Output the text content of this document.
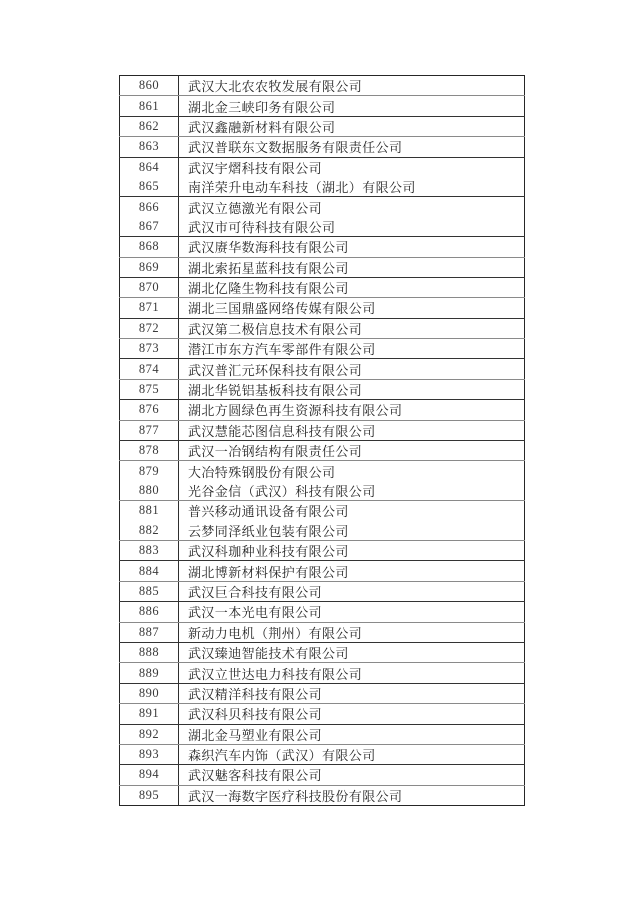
860	武汉大北农农牧发展有限公司
861	湖北金三峡印务有限公司
862	武汉鑫融新材料有限公司
863	武汉普联东文数据服务有限责任公司
864	武汉宇熠科技有限公司
865	南洋荣升电动车科技（湖北）有限公司
866	武汉立德激光有限公司
867	武汉市可待科技有限公司
868	武汉赓华数海科技有限公司
869	湖北索拓星蓝科技有限公司
870	湖北亿隆生物科技有限公司
871	湖北三国鼎盛网络传媒有限公司
872	武汉第二极信息技术有限公司
873	潜江市东方汽车零部件有限公司
874	武汉普汇元环保科技有限公司
875	湖北华锐铝基板科技有限公司
876	湖北方圆绿色再生资源科技有限公司
877	武汉慧能芯图信息科技有限公司
878	武汉一冶钢结构有限责任公司
879	大冶特殊钢股份有限公司
880	光谷金信（武汉）科技有限公司
881	普兴移动通讯设备有限公司
882	云梦同泽纸业包装有限公司
883	武汉科珈种业科技有限公司
884	湖北博新材料保护有限公司
885	武汉巨合科技有限公司
886	武汉一本光电有限公司
887	新动力电机（荆州）有限公司
888	武汉臻迪智能技术有限公司
889	武汉立世达电力科技有限公司
890	武汉精洋科技有限公司
891	武汉科贝科技有限公司
892	湖北金马塑业有限公司
893	森织汽车内饰（武汉）有限公司
894	武汉魅客科技有限公司
895	武汉一海数字医疗科技股份有限公司
